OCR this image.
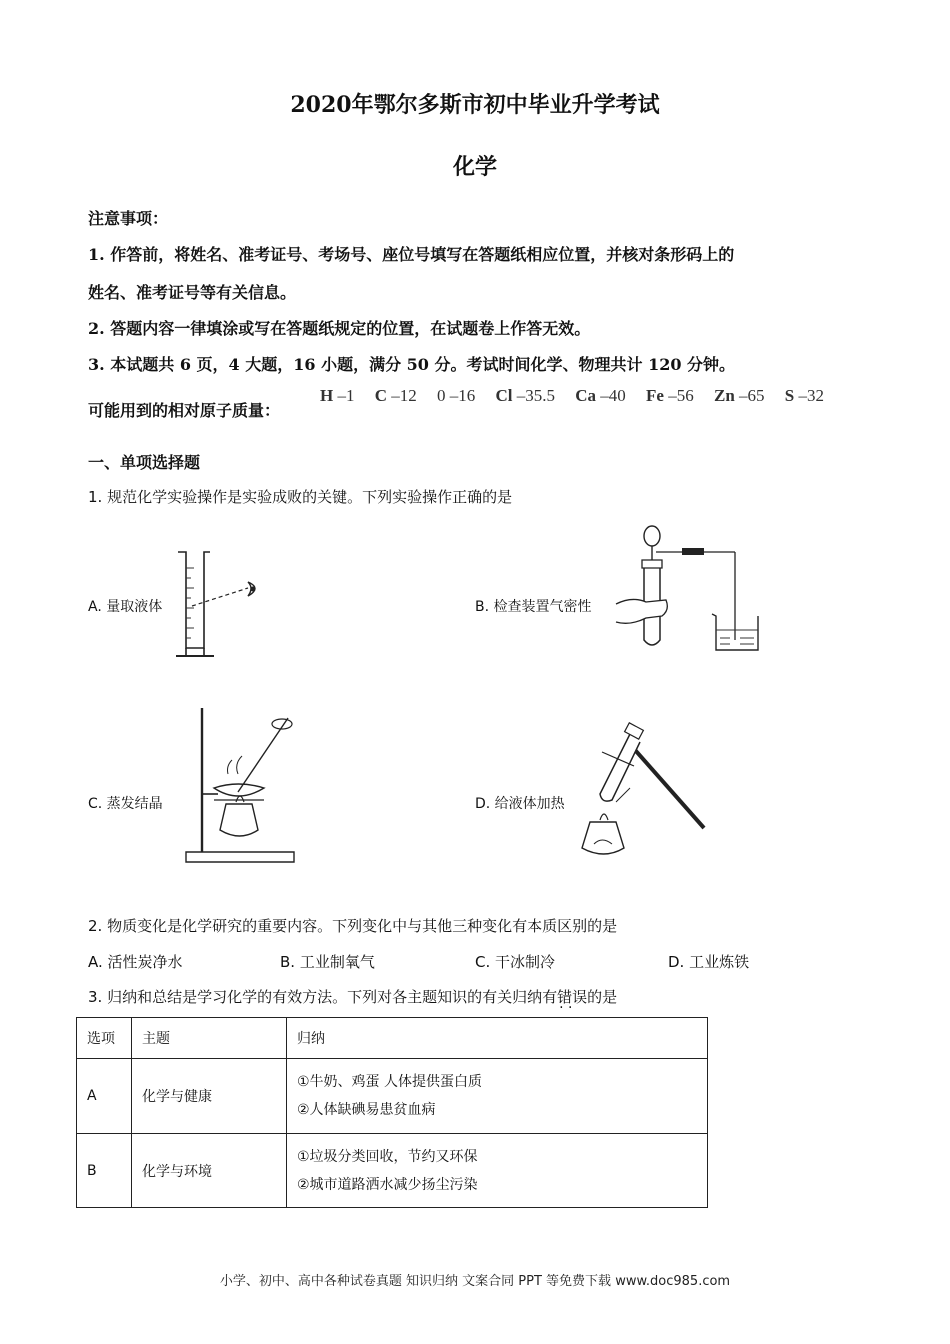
2020年鄂尔多斯市初中毕业升学考试
化学
注意事项：
1. 作答前，将姓名、准考证号、考场号、座位号填写在答题纸相应位置，并核对条形码上的
姓名、准考证号等有关信息。
2. 答题内容一律填涂或写在答题纸规定的位置，在试题卷上作答无效。
3. 本试题共 6 页，4 大题，16 小题，满分 50 分。考试时间化学、物理共计 120 分钟。
可能用到的相对原子质量：
H –1 C –12 0 –16 Cl –35.5 Ca –40 Fe –56 Zn –65 S –32
一、单项选择题
1. 规范化学实验操作是实验成败的关键。下列实验操作正确的是
A. 量取液体	B. 检查装置气密性
C. 蒸发结晶	D. 给液体加热
2. 物质变化是化学研究的重要内容。下列变化中与其他三种变化有本质区别的是
A. 活性炭净水	B. 工业制氧气	C. 干冰制冷	D. 工业炼铁
3. 归纳和总结是学习化学的有效方法。下列对各主题知识的有关归纳有错误 · ·的是
选项	主题	归纳
A	化学与健康	①牛奶、鸡蛋 人体提供蛋白质
②人体缺碘易患贫血病

B	化学与环境	①垃圾分类回收，节约又环保
②城市道路洒水减少扬尘污染
小学、初中、高中各种试卷真题 知识归纳 文案合同 PPT 等免费下载 www.doc985.com
